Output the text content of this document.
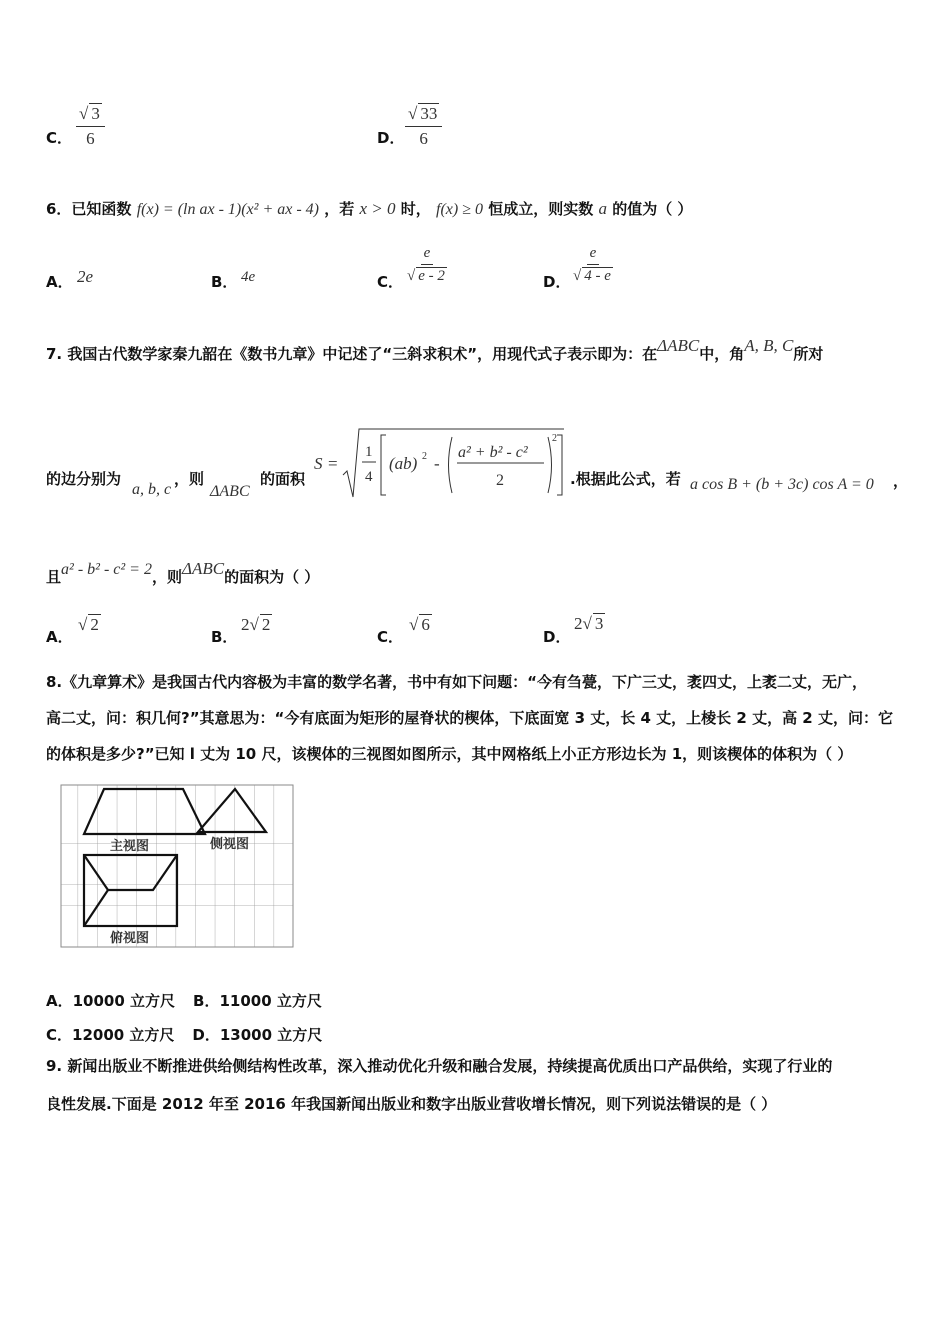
C． $\frac{√ 3}{6}$	D． $\frac{√ 33}{6}$
6．已知函数 f(x) = (ln ax - 1)(x² + ax - 4) ，若 x > 0 时， f(x) ≥ 0 恒成立，则实数 a 的值为（ ）
A． 2e	B． 4e	C． $\frac{e}{√ e - 2}$	D． $\frac{e}{√ 4 - e}$
7. 我国古代数学家秦九韶在《数书九章》中记述了“三斜求积术”，用现代式子表示即为：在ΔABC中，角A, B, C所对
的边分别为
a, b, c
，则
ΔABC
的面积
S =
1
4
(ab) 2 -
a² + b² - c²
2
2
.根据此公式，若 a cos B + (b + 3c) cos A = 0 ，
且a² - b² - c² = 2，则ΔABC的面积为（ ）
A．
√ 2
B．
2√ 2
C．
√ 6
D．
2√ 3
8.《九章算术》是我国古代内容极为丰富的数学名著，书中有如下问题：“今有刍甍，下广三丈，袤四丈，上袤二丈，无广，
高二丈，问：积几何?”其意思为：“今有底面为矩形的屋脊状的楔体，下底面宽 3 丈，长 4 丈，上棱长 2 丈，高 2 丈，问：它
的体积是多少?”已知 l 丈为 10 尺，该楔体的三视图如图所示，其中网格纸上小正方形边长为 1，则该楔体的体积为（ ）
主视图	侧视图
俯视图
A．10000 立方尺 B．11000 立方尺
C．12000 立方尺 D．13000 立方尺
9. 新闻出版业不断推进供给侧结构性改革，深入推动优化升级和融合发展，持续提高优质出口产品供给，实现了行业的
良性发展.下面是 2012 年至 2016 年我国新闻出版业和数字出版业营收增长情况，则下列说法错误的是（ ）
